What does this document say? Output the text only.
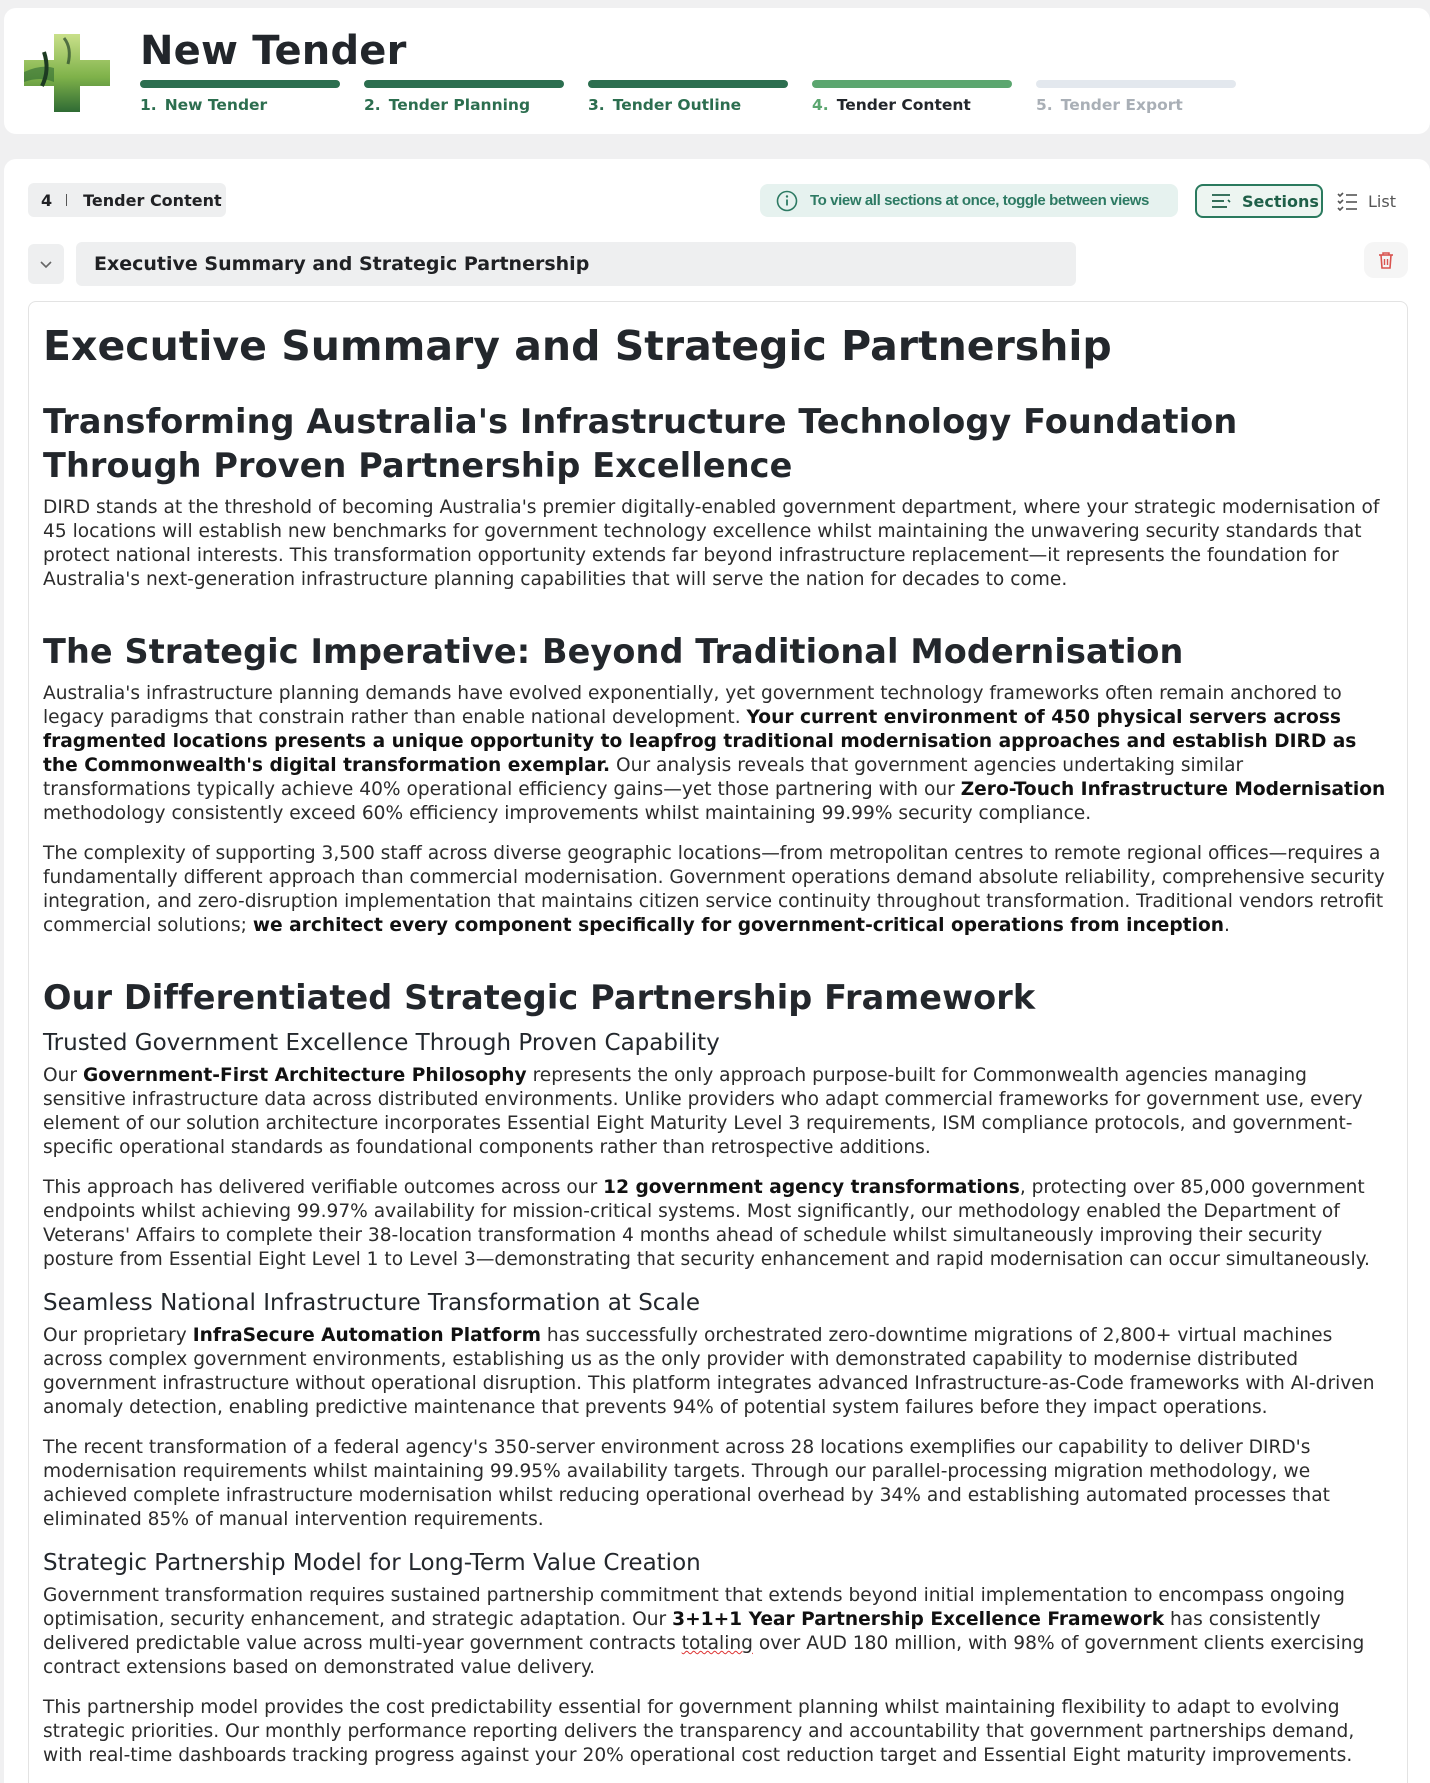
New Tender
1. New Tender	2. Tender Planning	3. Tender Outline	4. Tender Content	5. Tender Export
4 Tender Content	To view all sections at once, toggle between views	Sections	List
Executive Summary and Strategic Partnership
Executive Summary and Strategic Partnership
Transforming Australia's Infrastructure Technology Foundation Through Proven Partnership Excellence

DIRD stands at the threshold of becoming Australia's premier digitally-enabled government department, where your strategic modernisation of 45 locations will establish new benchmarks for government technology excellence whilst maintaining the unwavering security standards that protect national interests. This transformation opportunity extends far beyond infrastructure replacement—it represents the foundation for Australia's next-generation infrastructure planning capabilities that will serve the nation for decades to come.

The Strategic Imperative: Beyond Traditional Modernisation

Australia's infrastructure planning demands have evolved exponentially, yet government technology frameworks often remain anchored to legacy paradigms that constrain rather than enable national development. Your current environment of 450 physical servers across fragmented locations presents a unique opportunity to leapfrog traditional modernisation approaches and establish DIRD as the Commonwealth's digital transformation exemplar. Our analysis reveals that government agencies undertaking similar transformations typically achieve 40% operational efficiency gains—yet those partnering with our Zero-Touch Infrastructure Modernisation methodology consistently exceed 60% efficiency improvements whilst maintaining 99.99% security compliance.

The complexity of supporting 3,500 staff across diverse geographic locations—from metropolitan centres to remote regional offices—requires a fundamentally different approach than commercial modernisation. Government operations demand absolute reliability, comprehensive security integration, and zero-disruption implementation that maintains citizen service continuity throughout transformation. Traditional vendors retrofit commercial solutions; we architect every component specifically for government-critical operations from inception.

Our Differentiated Strategic Partnership Framework
Trusted Government Excellence Through Proven Capability

Our Government-First Architecture Philosophy represents the only approach purpose-built for Commonwealth agencies managing sensitive infrastructure data across distributed environments. Unlike providers who adapt commercial frameworks for government use, every element of our solution architecture incorporates Essential Eight Maturity Level 3 requirements, ISM compliance protocols, and government-specific operational standards as foundational components rather than retrospective additions.

This approach has delivered verifiable outcomes across our 12 government agency transformations, protecting over 85,000 government endpoints whilst achieving 99.97% availability for mission-critical systems. Most significantly, our methodology enabled the Department of Veterans' Affairs to complete their 38-location transformation 4 months ahead of schedule whilst simultaneously improving their security posture from Essential Eight Level 1 to Level 3—demonstrating that security enhancement and rapid modernisation can occur simultaneously.

Seamless National Infrastructure Transformation at Scale

Our proprietary InfraSecure Automation Platform has successfully orchestrated zero-downtime migrations of 2,800+ virtual machines across complex government environments, establishing us as the only provider with demonstrated capability to modernise distributed government infrastructure without operational disruption. This platform integrates advanced Infrastructure-as-Code frameworks with AI-driven anomaly detection, enabling predictive maintenance that prevents 94% of potential system failures before they impact operations.

The recent transformation of a federal agency's 350-server environment across 28 locations exemplifies our capability to deliver DIRD's modernisation requirements whilst maintaining 99.95% availability targets. Through our parallel-processing migration methodology, we achieved complete infrastructure modernisation whilst reducing operational overhead by 34% and establishing automated processes that eliminated 85% of manual intervention requirements.

Strategic Partnership Model for Long-Term Value Creation

Government transformation requires sustained partnership commitment that extends beyond initial implementation to encompass ongoing optimisation, security enhancement, and strategic adaptation. Our 3+1+1 Year Partnership Excellence Framework has consistently delivered predictable value across multi-year government contracts totaling over AUD 180 million, with 98% of government clients exercising contract extensions based on demonstrated value delivery.

This partnership model provides the cost predictability essential for government planning whilst maintaining flexibility to adapt to evolving strategic priorities. Our monthly performance reporting delivers the transparency and accountability that government partnerships demand, with real-time dashboards tracking progress against your 20% operational cost reduction target and Essential Eight maturity improvements.
